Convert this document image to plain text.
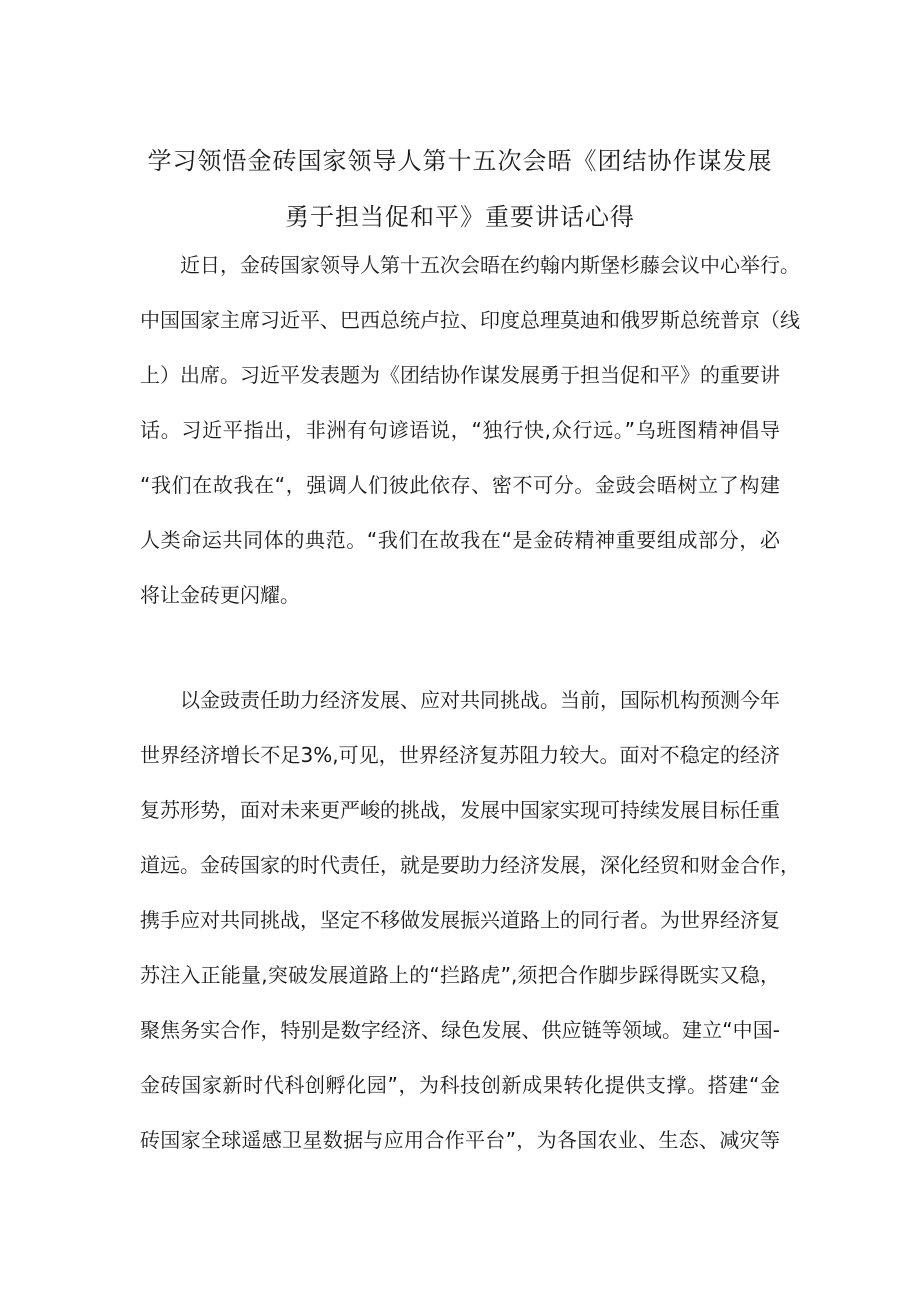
学习领悟金砖国家领导人第十五次会晤《团结协作谋发展
勇于担当促和平》重要讲话心得

近日，金砖国家领导人第十五次会晤在约翰内斯堡杉藤会议中心举行。

中国国家主席习近平、巴西总统卢拉、印度总理莫迪和俄罗斯总统普京（线

上）出席。习近平发表题为《团结协作谋发展勇于担当促和平》的重要讲

话。习近平指出，非洲有句谚语说，“独行快,众行远。”乌班图精神倡导

“我们在故我在“，强调人们彼此依存、密不可分。金豉会晤树立了构建

人类命运共同体的典范。“我们在故我在“是金砖精神重要组成部分，必

将让金砖更闪耀。

以金豉责任助力经济发展、应对共同挑战。当前，国际机构预测今年

世界经济增长不足3%,可见，世界经济复苏阻力较大。面对不稳定的经济

复苏形势，面对未来更严峻的挑战，发展中国家实现可持续发展目标任重

道远。金砖国家的时代责任，就是要助力经济发展，深化经贸和财金合作，

携手应对共同挑战，坚定不移做发展振兴道路上的同行者。为世界经济复

苏注入正能量,突破发展道路上的“拦路虎”,须把合作脚步踩得既实又稳，

聚焦务实合作，特别是数字经济、绿色发展、供应链等领域。建立“中国-

金砖国家新时代科创孵化园”，为科技创新成果转化提供支撑。搭建“金

砖国家全球遥感卫星数据与应用合作平台”，为各国农业、生态、减灾等
